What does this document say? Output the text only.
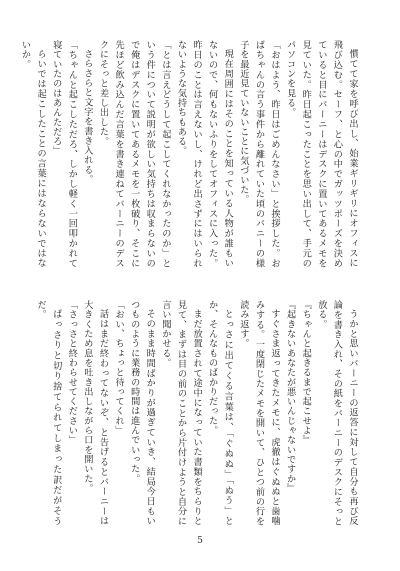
慣てて家を呼び出し、始業ギリギリにオフィスに飛び込む。セーフ、と心の中でガッツポーズを決めていると目にバーニーはデスクに置いてあるメモを見ていた。昨日起こったことを思い出して、手元のパソコンを見る。

「おはよう、昨日はごめんなさい」と挨拶した。おばちゃんの言う事件から離れていた頃のバニーの様子を最近見ていないことに気づいた。

現在周囲にはそのことを知っている人物が誰もいないので、何もないふりをしてオフィスに入った。昨日のことは言えないし、けれど出さずにはいられないような気持ちもある。

「とは言えどうして起こしてくれなかったのか」という件について説明が欲しい気持ちは収まらないので俺はデスクに置いてあるメモを一枚破り、そこに先ほど飲み込んだ言葉を書き連ねてバーニーのデスクにそっと差し出した。

さらさらと文字を書き入れる。

「ちゃんと起こしただろ、しかし軽く一回叩かれて寝ていたのはあんただろ」

らいでは起こしたことの言葉にはならないではないか。

うかと思いバーニーの返答に対して自分も再び反論を書き入れ、その紙をバーニーのデスクにそっと放る。

『ちゃんと起きるまで起こせよ』

『起きないあなたが悪いんじゃないですか』

すぐさま返ってきたメモに、虎徹はぐぬぬと歯噛みする。一度閉じたメモを開いて、ひとつ前の行を読み返す。

とっさに出てくる言葉は、「ぐぬぬ」「ぬう」とか、そんなものばかりだった。

まだ放置されて途中になっていた書類をちらりと見て、まずは目の前のことから片付けようと自分に言い聞かせる。

そのまま時間ばかりが過ぎていき、結局今日もいつものように業務の時間は進んでいった。

「おい、ちょっと待ってくれ」

話はまだ終わってないぞ、と告げるとバーニーは大きくため息を吐き出しながら口を開いた。

「さっさと終わらせてください」

ぱっさりと切り捨てられてしまった訳だがそうだ。

5
